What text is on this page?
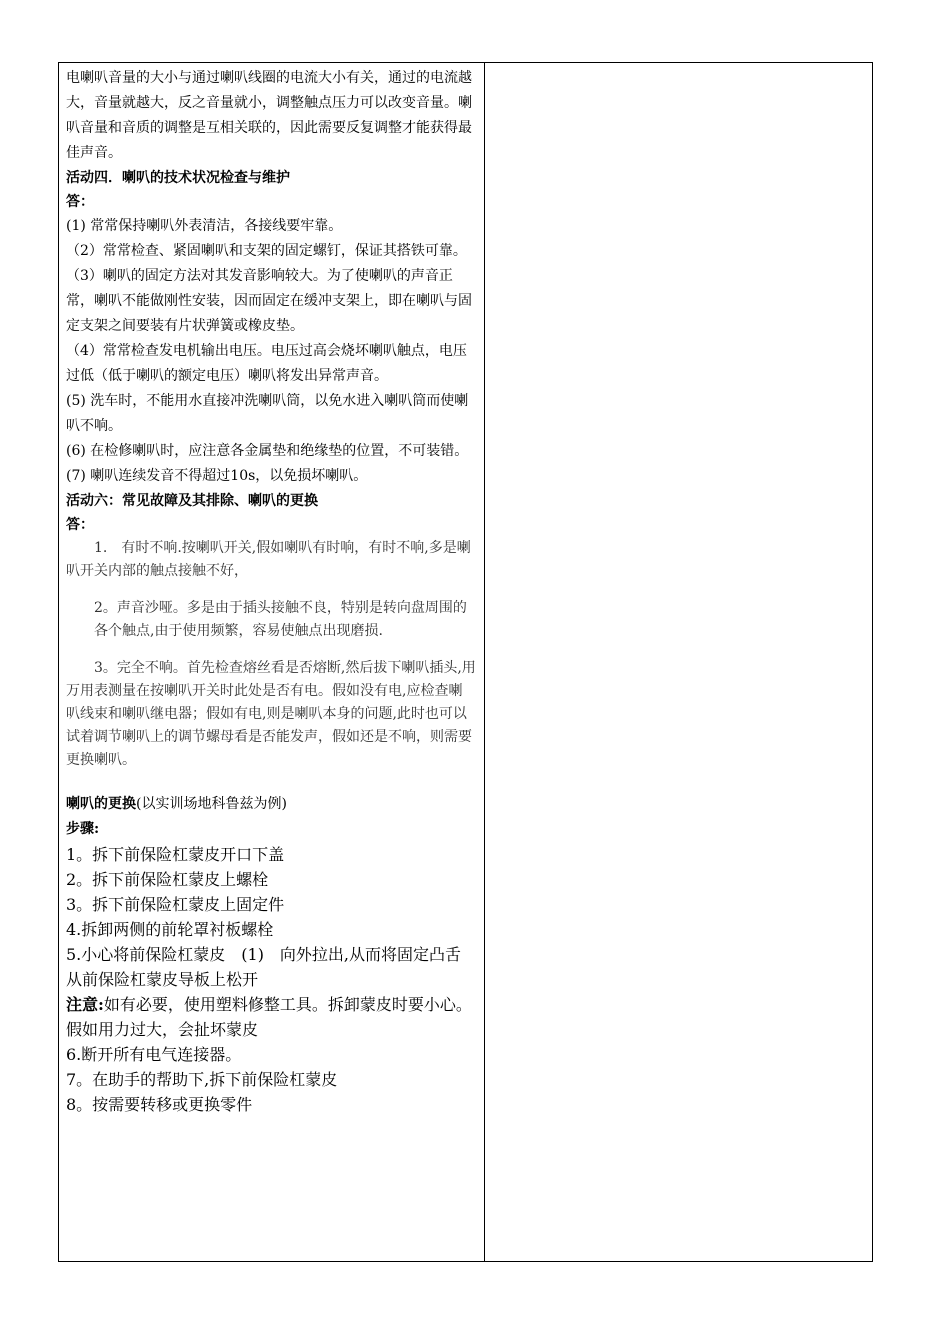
电喇叭音量的大小与通过喇叭线圈的电流大小有关，通过的电流越大，音量就越大，反之音量就小，调整触点压力可以改变音量。喇叭音量和音质的调整是互相关联的，因此需要反复调整才能获得最佳声音。

活动四．喇叭的技术状况检查与维护

答：

(1) 常常保持喇叭外表清洁，各接线要牢靠。

（2）常常检查、紧固喇叭和支架的固定螺钉，保证其搭铁可靠。

（3）喇叭的固定方法对其发音影响较大。为了使喇叭的声音正常，喇叭不能做刚性安装，因而固定在缓冲支架上，即在喇叭与固定支架之间要装有片状弹簧或橡皮垫。

（4）常常检查发电机输出电压。电压过高会烧坏喇叭触点，电压过低（低于喇叭的额定电压）喇叭将发出异常声音。

(5) 洗车时，不能用水直接冲洗喇叭筒，以免水进入喇叭筒而使喇叭不响。

(6) 在检修喇叭时，应注意各金属垫和绝缘垫的位置，不可装错。

(7) 喇叭连续发音不得超过10s，以免损坏喇叭。

活动六：常见故障及其排除、喇叭的更换

答：

1.　有时不响.按喇叭开关,假如喇叭有时响，有时不响,多是喇叭开关内部的触点接触不好，

2。声音沙哑。多是由于插头接触不良，特别是转向盘周围的各个触点,由于使用频繁，容易使触点出现磨损.

3。完全不响。首先检查熔丝看是否熔断,然后拔下喇叭插头,用万用表测量在按喇叭开关时此处是否有电。假如没有电,应检查喇叭线束和喇叭继电器；假如有电,则是喇叭本身的问题,此时也可以试着调节喇叭上的调节螺母看是否能发声，假如还是不响，则需要更换喇叭。

喇叭的更换(以实训场地科鲁兹为例)

步骤:

1。拆下前保险杠蒙皮开口下盖

2。拆下前保险杠蒙皮上螺栓

3。拆下前保险杠蒙皮上固定件

4.拆卸两侧的前轮罩衬板螺栓

5.小心将前保险杠蒙皮　(1)　向外拉出,从而将固定凸舌从前保险杠蒙皮导板上松开

注意:如有必要，使用塑料修整工具。拆卸蒙皮时要小心。假如用力过大，会扯坏蒙皮

6.断开所有电气连接器。

7。在助手的帮助下,拆下前保险杠蒙皮

8。按需要转移或更换零件
